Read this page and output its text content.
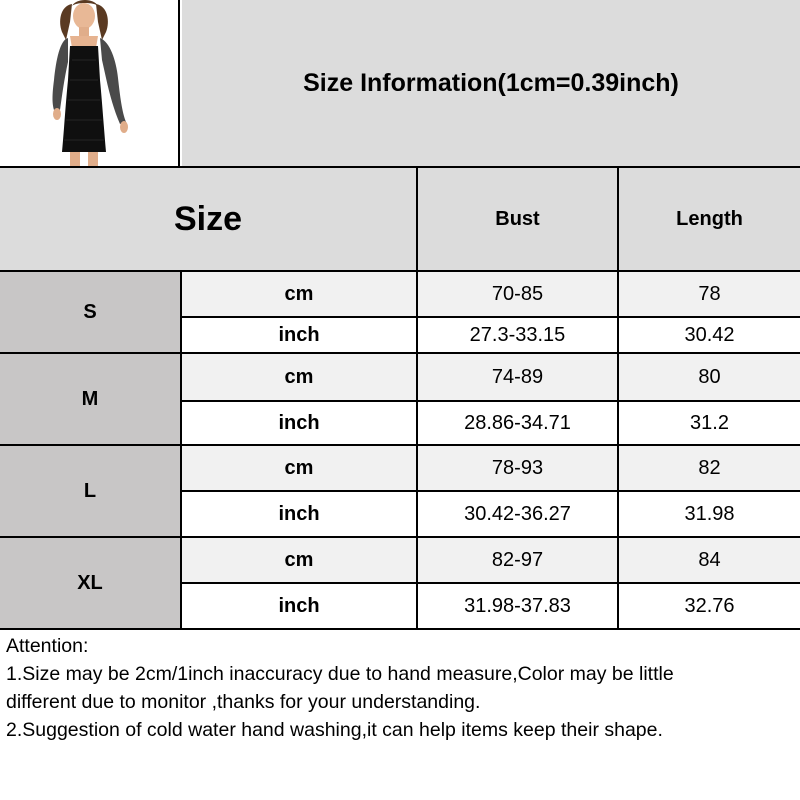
Size Information(1cm=0.39inch)
Size	Bust	Length
S
cm	70-85	78
inch	27.3-33.15	30.42
M
cm	74-89	80
inch	28.86-34.71	31.2
L
cm	78-93	82
inch	30.42-36.27	31.98
XL
cm	82-97	84
inch	31.98-37.83	32.76
Attention:
1.Size may be 2cm/1inch inaccuracy due to hand measure,Color may be little
different due to monitor ,thanks for your understanding.
2.Suggestion of cold water hand washing,it can help items keep their shape.
